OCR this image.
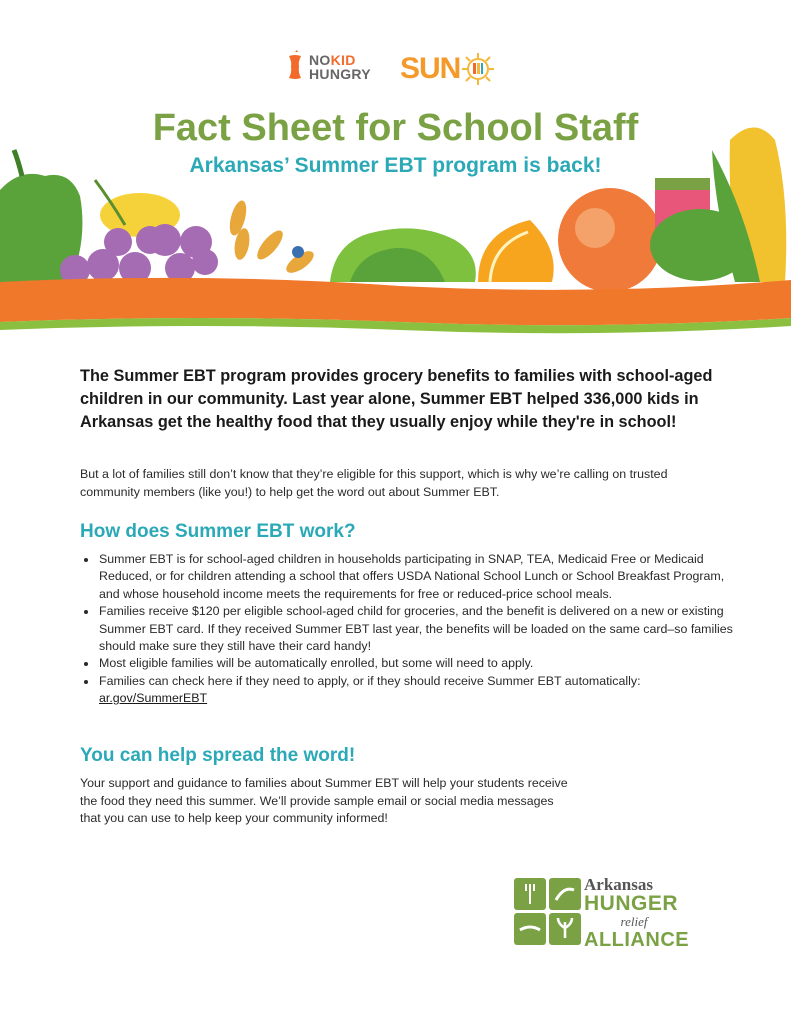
NOKID
HUNGRY SUN
Fact Sheet for School Staff
Arkansas’ Summer EBT program is back!
The Summer EBT program provides grocery benefits to families with school-aged children in our community. Last year alone, Summer EBT helped 336,000 kids in Arkansas get the healthy food that they usually enjoy while they're in school!
But a lot of families still don’t know that they’re eligible for this support, which is why we’re calling on trusted community members (like you!) to help get the word out about Summer EBT.
How does Summer EBT work?
• Summer EBT is for school-aged children in households participating in SNAP, TEA, Medicaid Free or Medicaid Reduced, or for children attending a school that offers USDA National School Lunch or School Breakfast Program, and whose household income meets the requirements for free or reduced-price school meals.
• Families receive $120 per eligible school-aged child for groceries, and the benefit is delivered on a new or existing Summer EBT card. If they received Summer EBT last year, the benefits will be loaded on the same card–so families should make sure they still have their card handy!
• Most eligible families will be automatically enrolled, but some will need to apply.
• Families can check here if they need to apply, or if they should receive Summer EBT automatically:
ar.gov/SummerEBT
You can help spread the word!
Your support and guidance to families about Summer EBT will help your students receive the food they need this summer. We’ll provide sample email or social media messages that you can use to help keep your community informed!
Arkansas
HUNGER
relief
ALLIANCE
